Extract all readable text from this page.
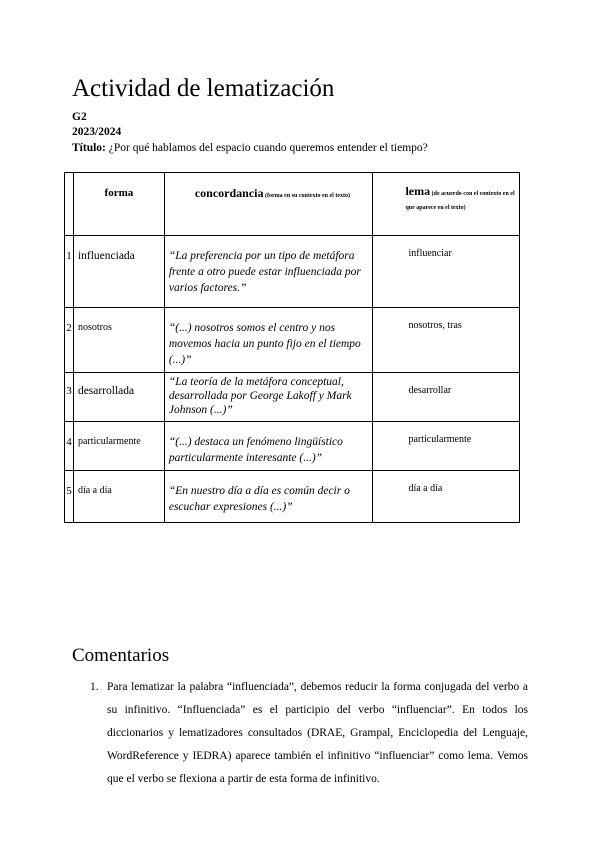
Actividad de lematización
G2
2023/2024
Título: ¿Por qué hablamos del espacio cuando queremos entender el tiempo?
	forma	concordancia (forma en su contexto en el texto)	lema (de acuerdo con el contexto en el que aparece en el texto)
1	influenciada	“La preferencia por un tipo de metáfora frente a otro puede estar influenciada por varios factores.”	influenciar
2	nosotros	“(...) nosotros somos el centro y nos movemos hacia un punto fijo en el tiempo (...)”	nosotros, tras
3	desarrollada	“La teoría de la metáfora conceptual, desarrollada por George Lakoff y Mark Johnson (...)”	desarrollar
4	particularmente	“(...) destaca un fenómeno lingüístico particularmente interesante (...)”	particularmente
5	día a día	“En nuestro día a día es común decir o escuchar expresiones (...)”	día a día
Comentarios
1. Para lematizar la palabra “influenciada”, debemos reducir la forma conjugada del verbo a su infinitivo. “Influenciada” es el participio del verbo “influenciar”. En todos los diccionarios y lematizadores consultados (DRAE, Grampal, Enciclopedia del Lenguaje, WordReference y IEDRA) aparece también el infinitivo “influenciar” como lema. Vemos que el verbo se flexiona a partir de esta forma de infinitivo.
